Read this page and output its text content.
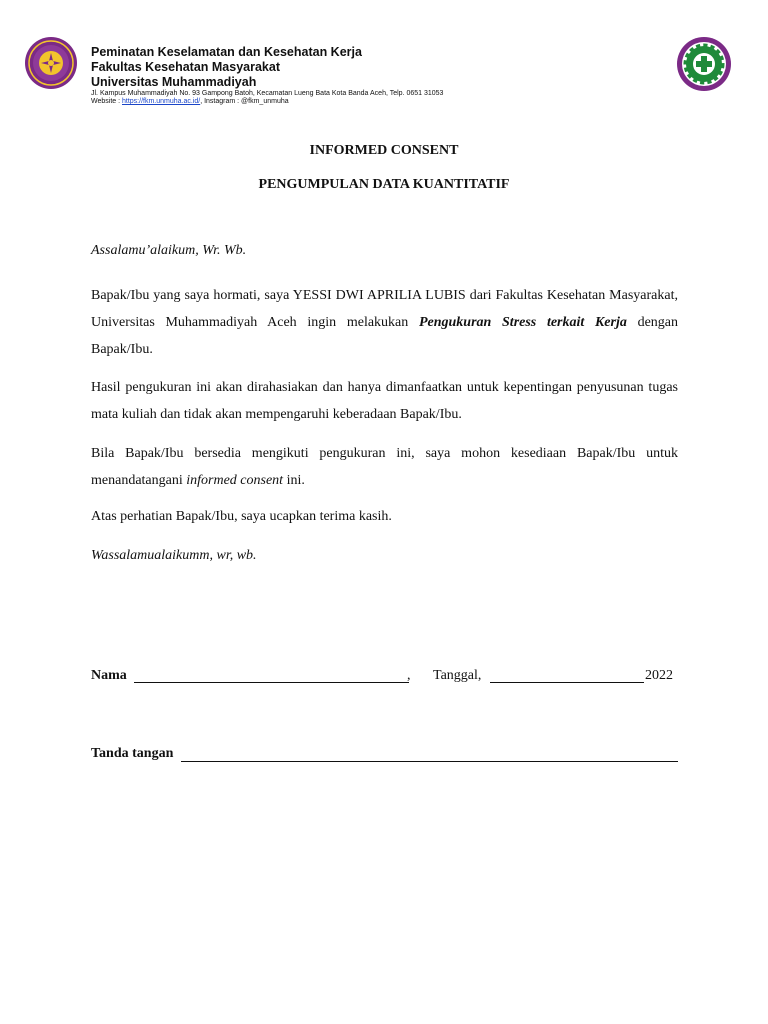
Peminatan Keselamatan dan Kesehatan Kerja
Fakultas Kesehatan Masyarakat
Universitas Muhammadiyah
Jl. Kampus Muhammadiyah No. 93 Gampong Batoh, Kecamatan Lueng Bata Kota Banda Aceh, Telp. 0651 31053
Website : https://fkm.unmuha.ac.id/, Instagram : @fkm_unmuha
INFORMED CONSENT
PENGUMPULAN DATA KUANTITATIF
Assalamu’alaikum, Wr. Wb.
Bapak/Ibu yang saya hormati, saya YESSI DWI APRILIA LUBIS dari Fakultas Kesehatan Masyarakat, Universitas Muhammadiyah Aceh ingin melakukan Pengukuran Stress terkait Kerja dengan Bapak/Ibu.
Hasil pengukuran ini akan dirahasiakan dan hanya dimanfaatkan untuk kepentingan penyusunan tugas mata kuliah dan tidak akan mempengaruhi keberadaan Bapak/Ibu.
Bila Bapak/Ibu bersedia mengikuti pengukuran ini, saya mohon kesediaan Bapak/Ibu untuk menandatangani informed consent ini.
Atas perhatian Bapak/Ibu, saya ucapkan terima kasih.
Wassalamualaikumm, wr, wb.
Nama	, Tanggal,	2022
Tanda tangan
